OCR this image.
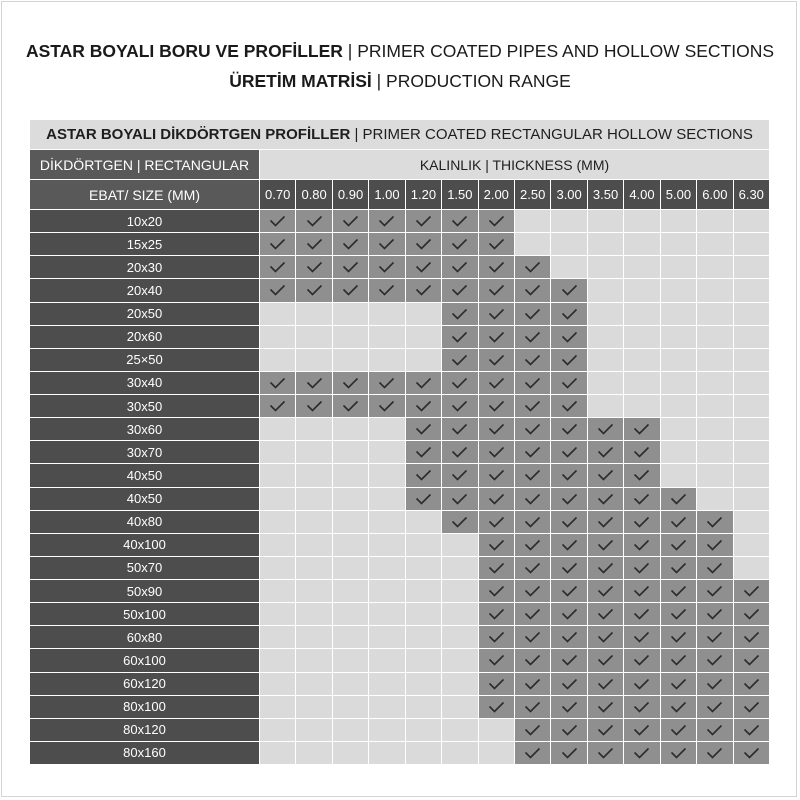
ASTAR BOYALI BORU VE PROFİLLER | PRIMER COATED PIPES AND HOLLOW SECTIONS
ÜRETİM MATRİSİ | PRODUCTION RANGE
ASTAR BOYALI DİKDÖRTGEN PROFİLLER | PRIMER COATED RECTANGULAR HOLLOW SECTIONS
DİKDÖRTGEN | RECTANGULAR	KALINLIK | THICKNESS (MM)
EBAT/ SIZE (MM)	0.70 0.80 0.90 1.00 1.20 1.50 2.00 2.50 3.00 3.50 4.00 5.00 6.00 6.30
10x20
15x25
20x30
20x40
20x50
20x60
25×50
30x40
30x50
30x60
30x70
40x50
40x50
40x80
40x100
50x70
50x90
50x100
60x80
60x100
60x120
80x100
80x120
80x160
